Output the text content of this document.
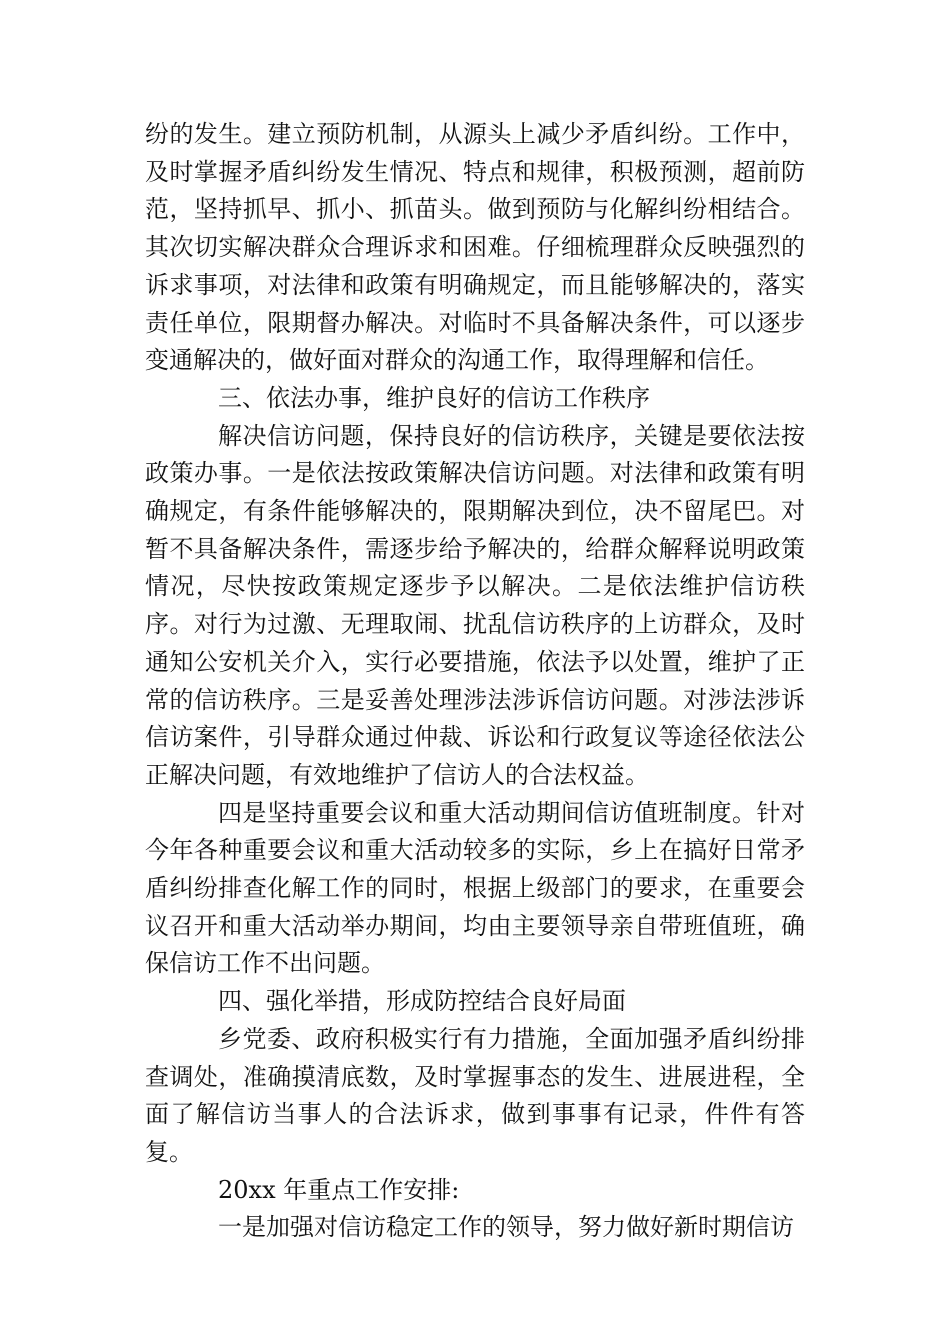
纷的发生。建立预防机制，从源头上减少矛盾纠纷。工作中，及时掌握矛盾纠纷发生情况、特点和规律，积极预测，超前防范，坚持抓早、抓小、抓苗头。做到预防与化解纠纷相结合。其次切实解决群众合理诉求和困难。仔细梳理群众反映强烈的诉求事项，对法律和政策有明确规定，而且能够解决的，落实责任单位，限期督办解决。对临时不具备解决条件，可以逐步变通解决的，做好面对群众的沟通工作，取得理解和信任。

三、依法办事，维护良好的信访工作秩序

解决信访问题，保持良好的信访秩序，关键是要依法按政策办事。一是依法按政策解决信访问题。对法律和政策有明确规定，有条件能够解决的，限期解决到位，决不留尾巴。对暂不具备解决条件，需逐步给予解决的，给群众解释说明政策情况，尽快按政策规定逐步予以解决。二是依法维护信访秩序。对行为过激、无理取闹、扰乱信访秩序的上访群众，及时通知公安机关介入，实行必要措施，依法予以处置，维护了正常的信访秩序。三是妥善处理涉法涉诉信访问题。对涉法涉诉信访案件，引导群众通过仲裁、诉讼和行政复议等途径依法公正解决问题，有效地维护了信访人的合法权益。

四是坚持重要会议和重大活动期间信访值班制度。针对今年各种重要会议和重大活动较多的实际，乡上在搞好日常矛盾纠纷排查化解工作的同时，根据上级部门的要求，在重要会议召开和重大活动举办期间，均由主要领导亲自带班值班，确保信访工作不出问题。

四、强化举措，形成防控结合良好局面

乡党委、政府积极实行有力措施，全面加强矛盾纠纷排查调处，准确摸清底数，及时掌握事态的发生、进展进程，全面了解信访当事人的合法诉求，做到事事有记录，件件有答复。

20xx 年重点工作安排:

一是加强对信访稳定工作的领导，努力做好新时期信访
